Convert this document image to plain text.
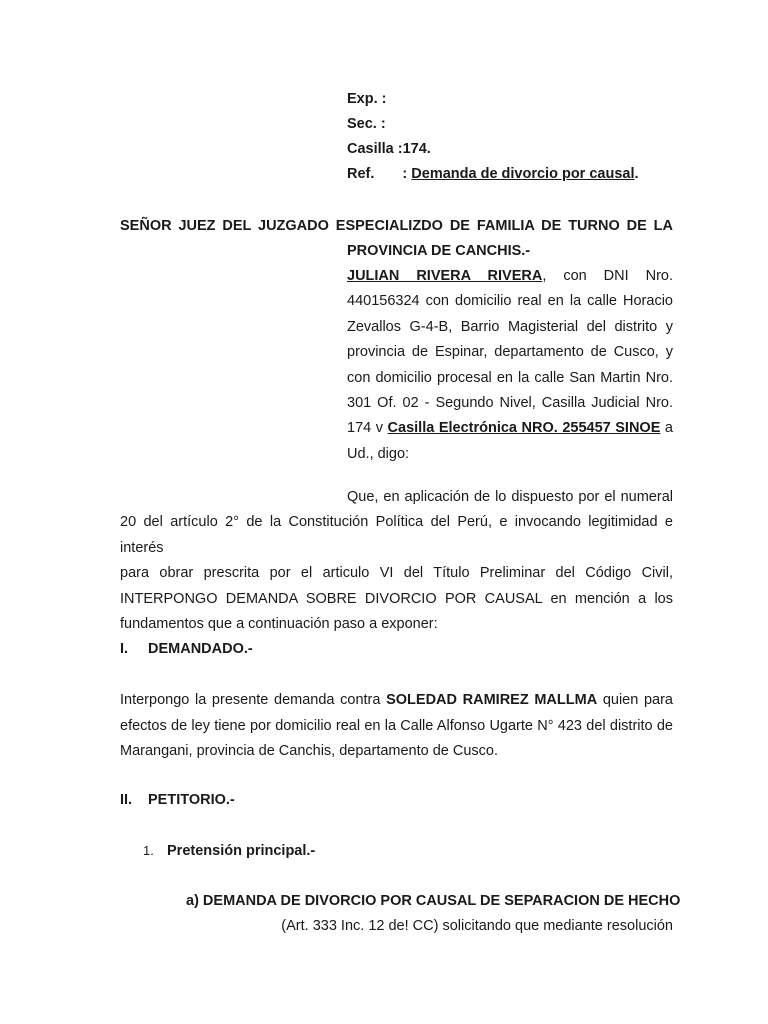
Exp. :
Sec. :
Casilla :174.
Ref. : Demanda de divorcio por causal.
SEÑOR JUEZ DEL JUZGADO ESPECIALIZDO DE FAMILIA DE TURNO DE LA
PROVINCIA DE CANCHIS.-
JULIAN RIVERA RIVERA, con DNI Nro.
440156324 con domicilio real en la calle Horacio
Zevallos G-4-B, Barrio Magisterial del distrito y
provincia de Espinar, departamento de Cusco, y
con domicilio procesal en la calle San Martin Nro.
301 Of. 02 - Segundo Nivel, Casilla Judicial Nro.
174 v Casilla Electrónica NRO. 255457 SINOE a
Ud., digo:
Que, en aplicación de lo dispuesto por el numeral
20 del artículo 2° de la Constitución Política del Perú, e invocando legitimidad e interés
para obrar prescrita por el articulo VI del Título Preliminar del Código Civil,
INTERPONGO DEMANDA SOBRE DIVORCIO POR CAUSAL en mención a los
fundamentos que a continuación paso a exponer:
I. DEMANDADO.-
Interpongo la presente demanda contra SOLEDAD RAMIREZ MALLMA quien para
efectos de ley tiene por domicilio real en la Calle Alfonso Ugarte N° 423 del distrito de
Marangani, provincia de Canchis, departamento de Cusco.
II. PETITORIO.-
1. Pretensión principal.-
a) DEMANDA DE DIVORCIO POR CAUSAL DE SEPARACION DE HECHO
(Art. 333 Inc. 12 de! CC) solicitando que mediante resolución
